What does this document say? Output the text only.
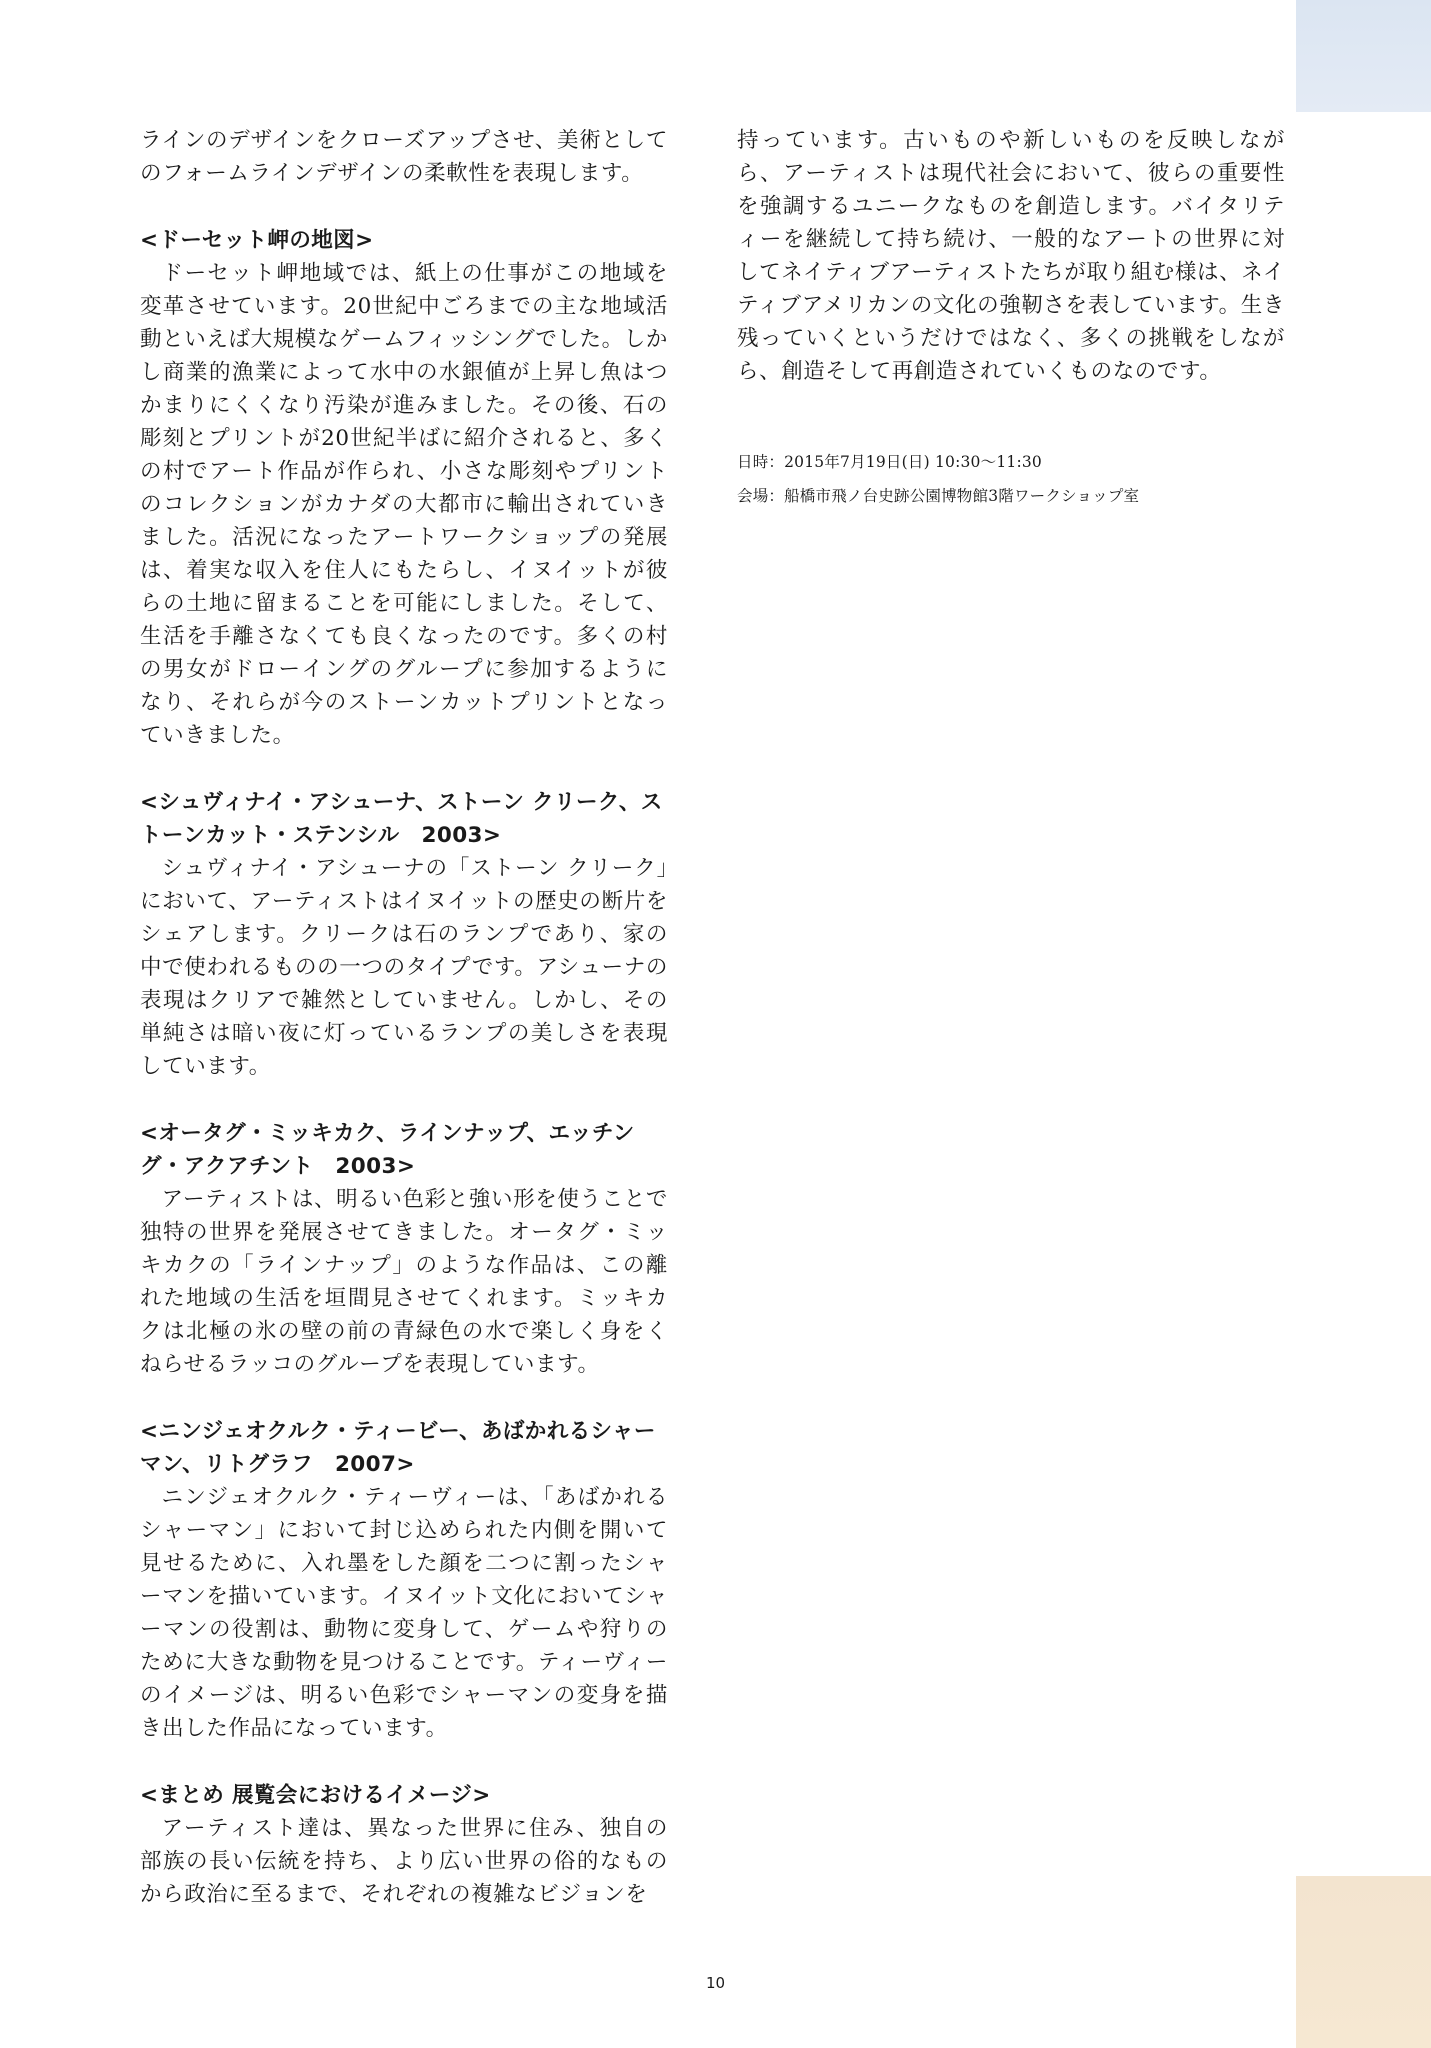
ラインのデザインをクローズアップさせ、美術としてのフォームラインデザインの柔軟性を表現します。

<ドーセット岬の地図>

ドーセット岬地域では、紙上の仕事がこの地域を変革させています。20世紀中ごろまでの主な地域活動といえば大規模なゲームフィッシングでした。しかし商業的漁業によって水中の水銀値が上昇し魚はつかまりにくくなり汚染が進みました。その後、石の彫刻とプリントが20世紀半ばに紹介されると、多くの村でアート作品が作られ、小さな彫刻やプリントのコレクションがカナダの大都市に輸出されていきました。活況になったアートワークショップの発展は、着実な収入を住人にもたらし、イヌイットが彼らの土地に留まることを可能にしました。そして、生活を手離さなくても良くなったのです。多くの村の男女がドローイングのグループに参加するようになり、それらが今のストーンカットプリントとなっていきました。

<シュヴィナイ・アシューナ、ストーン クリーク、ストーンカット・ステンシル　2003>

シュヴィナイ・アシューナの「ストーン クリーク」において、アーティストはイヌイットの歴史の断片をシェアします。クリークは石のランプであり、家の中で使われるものの一つのタイプです。アシューナの表現はクリアで雑然としていません。しかし、その単純さは暗い夜に灯っているランプの美しさを表現しています。

<オータグ・ミッキカク、ラインナップ、エッチング・アクアチント　2003>

アーティストは、明るい色彩と強い形を使うことで独特の世界を発展させてきました。オータグ・ミッキカクの「ラインナップ」のような作品は、この離れた地域の生活を垣間見させてくれます。ミッキカクは北極の氷の壁の前の青緑色の水で楽しく身をくねらせるラッコのグループを表現しています。

<ニンジェオクルク・ティービー、あばかれるシャーマン、リトグラフ　2007>

ニンジェオクルク・ティーヴィーは、「あばかれるシャーマン」において封じ込められた内側を開いて見せるために、入れ墨をした顔を二つに割ったシャーマンを描いています。イヌイット文化においてシャーマンの役割は、動物に変身して、ゲームや狩りのために大きな動物を見つけることです。ティーヴィーのイメージは、明るい色彩でシャーマンの変身を描き出した作品になっています。

<まとめ 展覧会におけるイメージ>

アーティスト達は、異なった世界に住み、独自の部族の長い伝統を持ち、より広い世界の俗的なものから政治に至るまで、それぞれの複雑なビジョンを

持っています。古いものや新しいものを反映しながら、アーティストは現代社会において、彼らの重要性を強調するユニークなものを創造します。バイタリティーを継続して持ち続け、一般的なアートの世界に対してネイティブアーティストたちが取り組む様は、ネイティブアメリカンの文化の強靭さを表しています。生き残っていくというだけではなく、多くの挑戦をしながら、創造そして再創造されていくものなのです。

日時：2015年7月19日(日) 10:30〜11:30
会場：船橋市飛ノ台史跡公園博物館3階ワークショップ室
10
